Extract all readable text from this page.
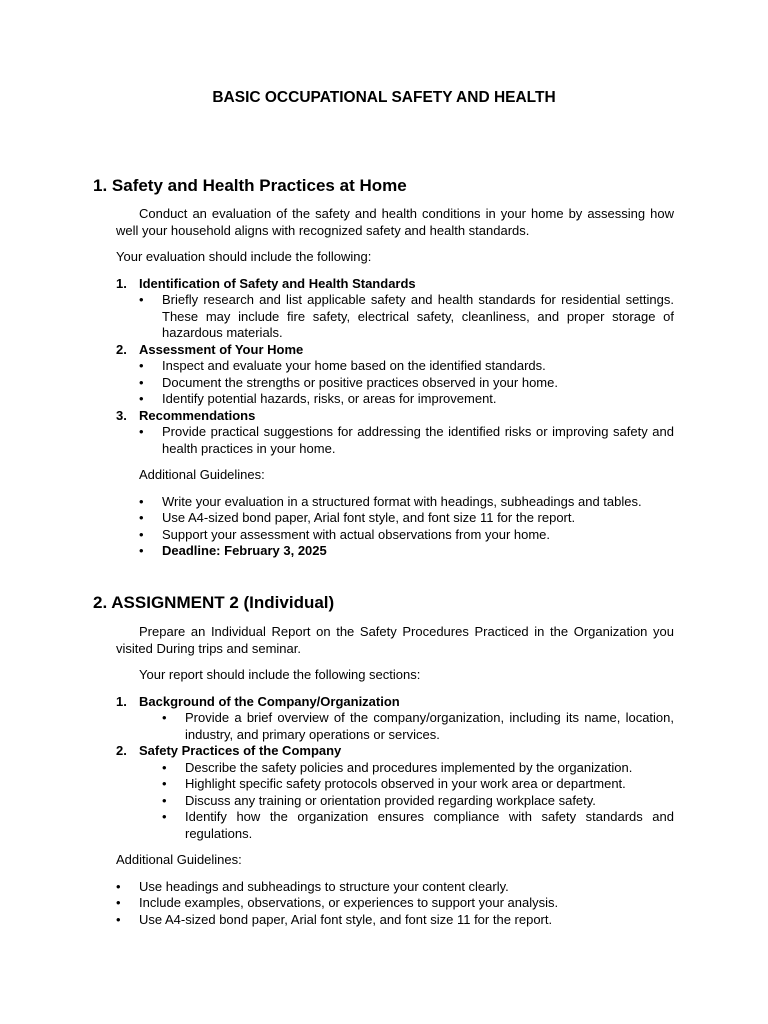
BASIC OCCUPATIONAL SAFETY AND HEALTH
1. Safety and Health Practices at Home

Conduct an evaluation of the safety and health conditions in your home by assessing how well your household aligns with recognized safety and health standards.

Your evaluation should include the following:

1. Identification of Safety and Health Standards
• Briefly research and list applicable safety and health standards for residential settings. These may include fire safety, electrical safety, cleanliness, and proper storage of hazardous materials.
2. Assessment of Your Home
• Inspect and evaluate your home based on the identified standards.
• Document the strengths or positive practices observed in your home.
• Identify potential hazards, risks, or areas for improvement.
3. Recommendations
• Provide practical suggestions for addressing the identified risks or improving safety and health practices in your home.

Additional Guidelines:

• Write your evaluation in a structured format with headings, subheadings and tables.
• Use A4-sized bond paper, Arial font style, and font size 11 for the report.
• Support your assessment with actual observations from your home.
• Deadline: February 3, 2025
2. ASSIGNMENT 2 (Individual)

Prepare an Individual Report on the Safety Procedures Practiced in the Organization you visited During trips and seminar.

Your report should include the following sections:

1. Background of the Company/Organization
• Provide a brief overview of the company/organization, including its name, location, industry, and primary operations or services.
2. Safety Practices of the Company
• Describe the safety policies and procedures implemented by the organization.
• Highlight specific safety protocols observed in your work area or department.
• Discuss any training or orientation provided regarding workplace safety.
• Identify how the organization ensures compliance with safety standards and regulations.

Additional Guidelines:

• Use headings and subheadings to structure your content clearly.
• Include examples, observations, or experiences to support your analysis.
• Use A4-sized bond paper, Arial font style, and font size 11 for the report.
